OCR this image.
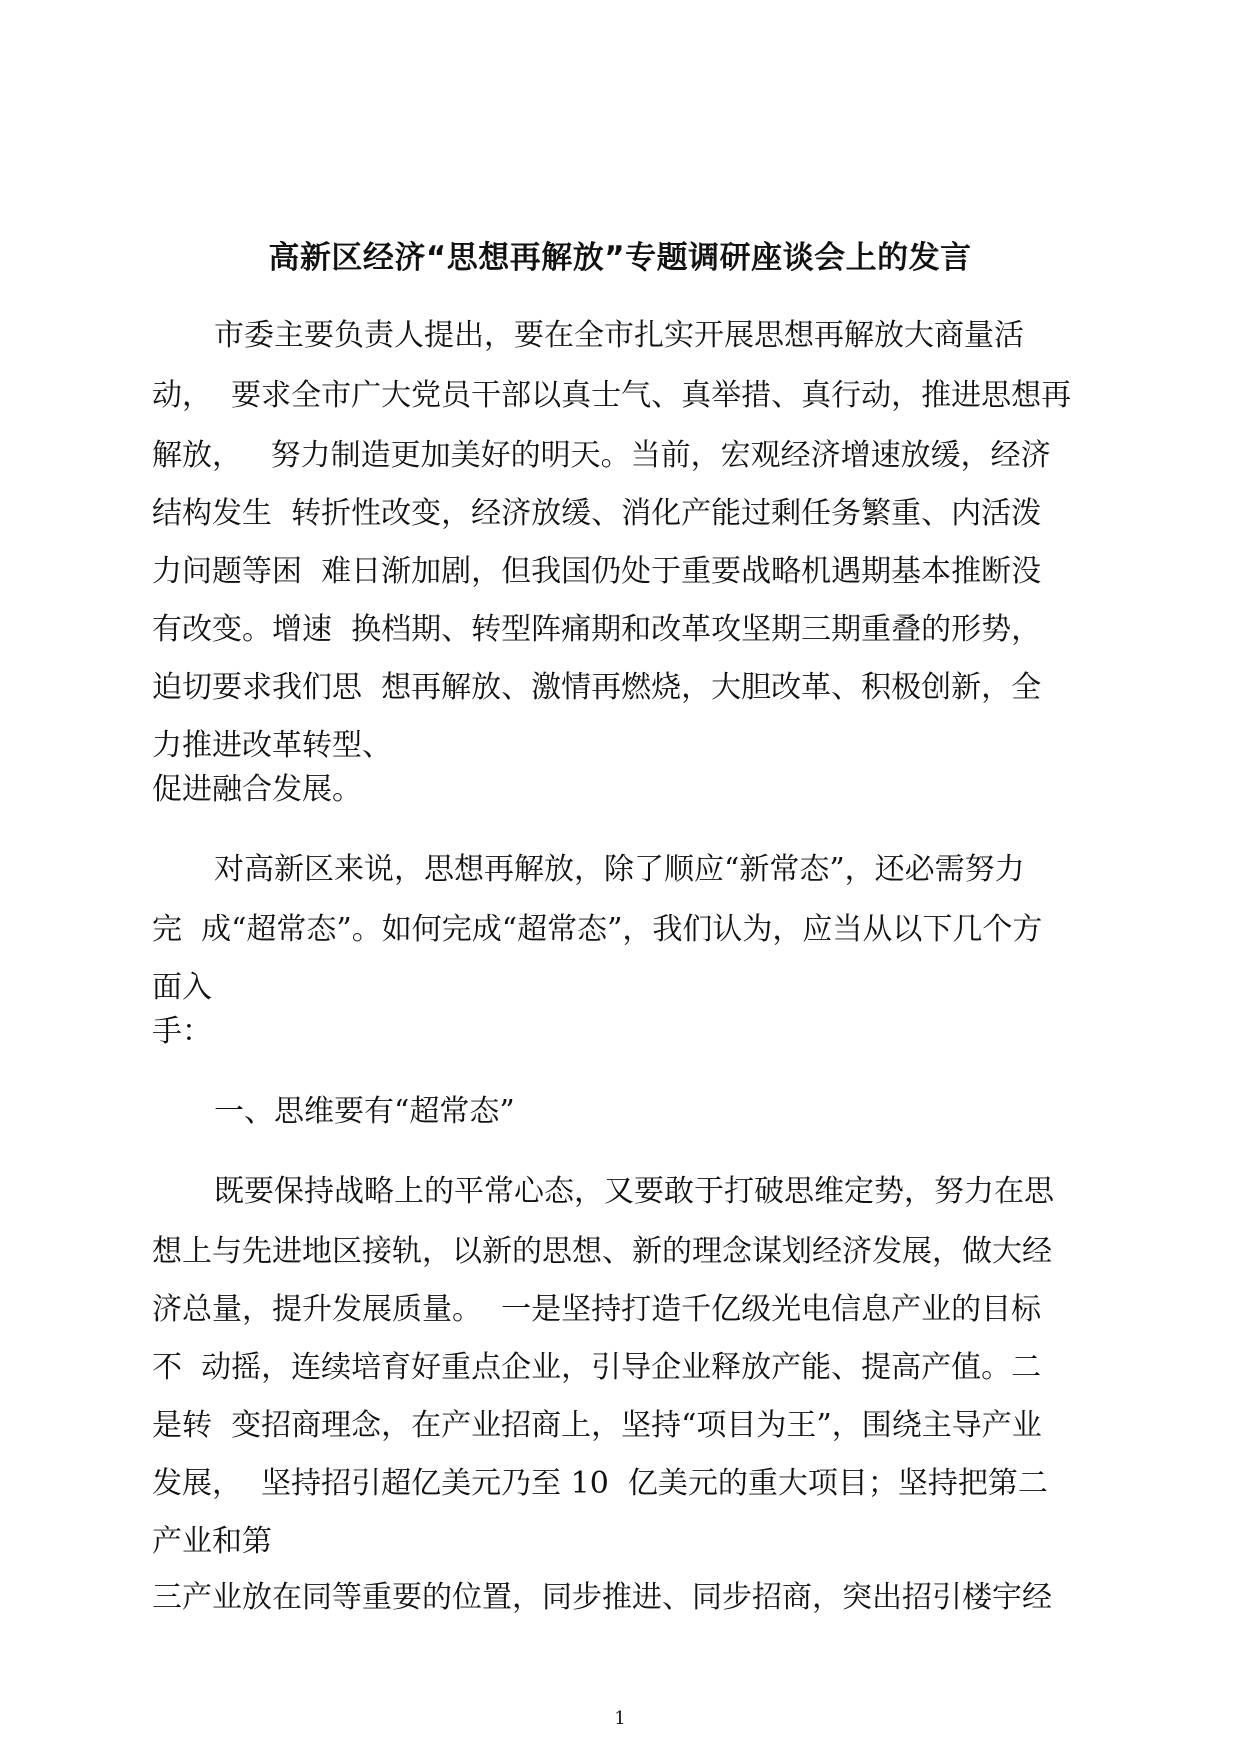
高新区经济“思想再解放”专题调研座谈会上的发言
市委主要负责人提出，要在全市扎实开展思想再解放大商量活
动，  要求全市广大党员干部以真士气、真举措、真行动，推进思想再
解放，   努力制造更加美好的明天。当前，宏观经济增速放缓，经济
结构发生  转折性改变，经济放缓、消化产能过剩任务繁重、内活泼
力问题等困  难日渐加剧，但我国仍处于重要战略机遇期基本推断没
有改变。增速  换档期、转型阵痛期和改革攻坚期三期重叠的形势，
迫切要求我们思  想再解放、激情再燃烧，大胆改革、积极创新，全
力推进改革转型、
促进融合发展。
对高新区来说，思想再解放，除了顺应“新常态”，还必需努力
完  成“超常态”。如何完成“超常态”，我们认为，应当从以下几个方
面入
手：
一、思维要有“超常态”
既要保持战略上的平常心态，又要敢于打破思维定势，努力在思
想上与先进地区接轨，以新的思想、新的理念谋划经济发展，做大经
济总量，提升发展质量。  一是坚持打造千亿级光电信息产业的目标
不  动摇，连续培育好重点企业，引导企业释放产能、提高产值。二
是转  变招商理念，在产业招商上，坚持“项目为王”，围绕主导产业
发展，  坚持招引超亿美元乃至 10  亿美元的重大项目；坚持把第二
产业和第
三产业放在同等重要的位置，同步推进、同步招商，突出招引楼宇经
1
